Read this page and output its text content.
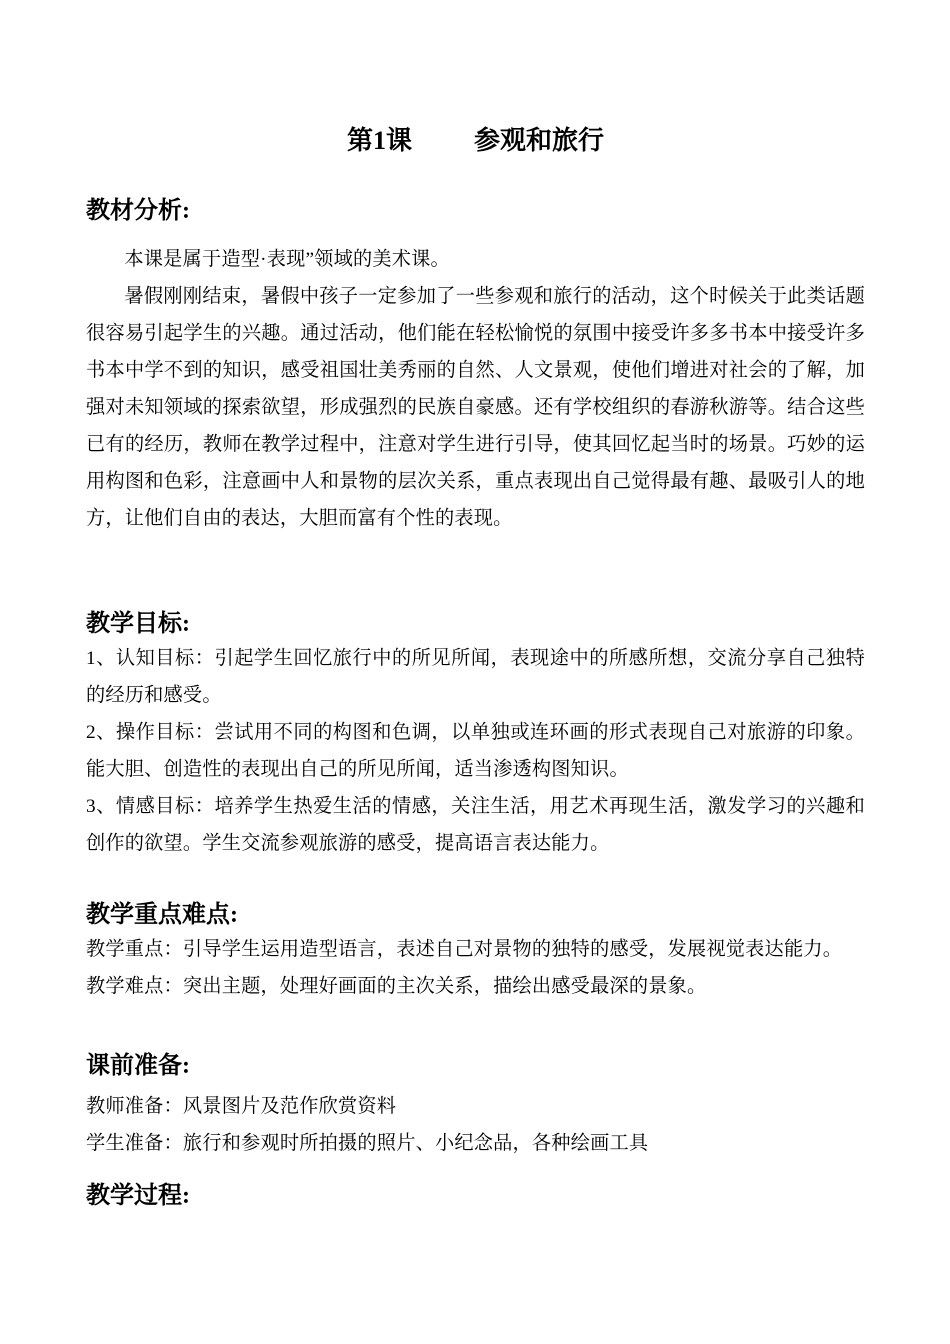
第1课 参观和旅行
教材分析:

本课是属于造型·表现”领域的美术课。

暑假刚刚结束，暑假中孩子一定参加了一些参观和旅行的活动，这个时候关于此类话题很容易引起学生的兴趣。通过活动，他们能在轻松愉悦的氛围中接受许多多书本中接受许多书本中学不到的知识，感受祖国壮美秀丽的自然、人文景观，使他们增进对社会的了解，加强对未知领域的探索欲望，形成强烈的民族自豪感。还有学校组织的春游秋游等。结合这些已有的经历，教师在教学过程中，注意对学生进行引导，使其回忆起当时的场景。巧妙的运用构图和色彩，注意画中人和景物的层次关系，重点表现出自己觉得最有趣、最吸引人的地方，让他们自由的表达，大胆而富有个性的表现。

教学目标:

1、认知目标：引起学生回忆旅行中的所见所闻，表现途中的所感所想，交流分享自己独特的经历和感受。

2、操作目标：尝试用不同的构图和色调，以单独或连环画的形式表现自己对旅游的印象。能大胆、创造性的表现出自己的所见所闻，适当渗透构图知识。

3、情感目标：培养学生热爱生活的情感，关注生活，用艺术再现生活，激发学习的兴趣和创作的欲望。学生交流参观旅游的感受，提高语言表达能力。

教学重点难点:

教学重点：引导学生运用造型语言，表述自己对景物的独特的感受，发展视觉表达能力。

教学难点：突出主题，处理好画面的主次关系，描绘出感受最深的景象。

课前准备:

教师准备：风景图片及范作欣赏资料

学生准备：旅行和参观时所拍摄的照片、小纪念品，各种绘画工具

教学过程:
